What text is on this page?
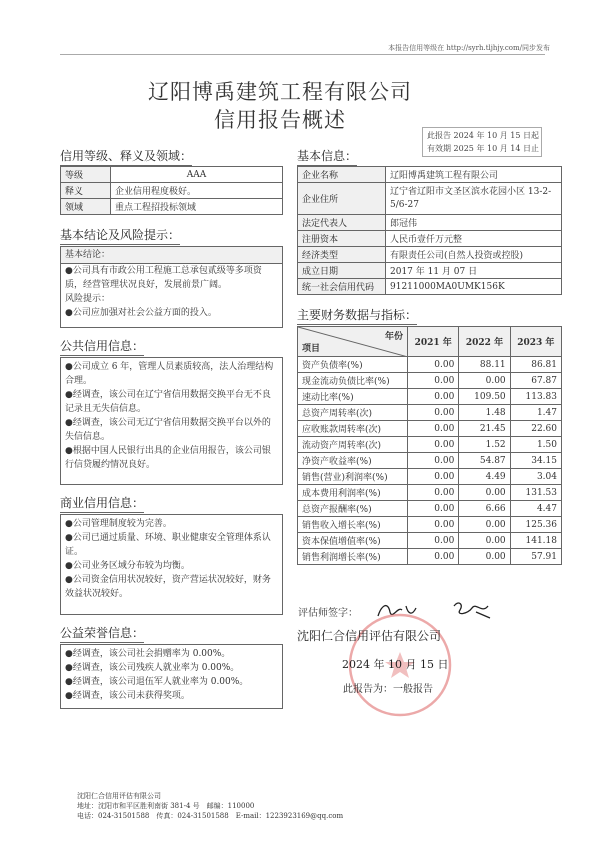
本报告信用等级在 http://syrh.tljhjy.com/同步发布
辽阳博禹建筑工程有限公司
信用报告概述
此报告 2024 年 10 月 15 日起
有效期 2025 年 10 月 14 日止
信用等级、释义及领域：
等级	AAA
释义	企业信用程度极好。
领域	重点工程招投标领域
基本信息：
企业名称	辽阳博禹建筑工程有限公司
企业住所	辽宁省辽阳市文圣区滨水花园小区 13-2-5/6-27
法定代表人	郎冠伟
注册资本	人民币壹仟万元整
经济类型	有限责任公司(自然人投资或控股)
成立日期	2017 年 11 月 07 日
统一社会信用代码	91211000MA0UMK156K
基本结论及风险提示：
基本结论：

●公司具有市政公用工程施工总承包贰级等多项资质，经营管理状况良好，发展前景广阔。

风险提示：

●公司应加强对社会公益方面的投入。

公共信用信息：

●公司成立 6 年，管理人员素质较高，法人治理结构合理。

●经调查，该公司在辽宁省信用数据交换平台无不良记录且无失信信息。

●经调查，该公司无辽宁省信用数据交换平台以外的失信信息。

●根据中国人民银行出具的企业信用报告，该公司银行信贷履约情况良好。

商业信用信息：

●公司管理制度较为完善。

●公司已通过质量、环境、职业健康安全管理体系认证。

●公司业务区域分布较为均衡。

●公司资金信用状况较好，资产营运状况较好，财务效益状况较好。

公益荣誉信息：

●经调查，该公司社会捐赠率为 0.00%。

●经调查，该公司残疾人就业率为 0.00%。

●经调查，该公司退伍军人就业率为 0.00%。

●经调查，该公司未获得奖项。

主要财务数据与指标：
年份
项目	2021 年	2022 年	2023 年
资产负债率(%)	0.00	88.11	86.81
现金流动负债比率(%)	0.00	0.00	67.87
速动比率(%)	0.00	109.50	113.83
总资产周转率(次)	0.00	1.48	1.47
应收账款周转率(次)	0.00	21.45	22.60
流动资产周转率(次)	0.00	1.52	1.50
净资产收益率(%)	0.00	54.87	34.15
销售(营业)利润率(%)	0.00	4.49	3.04
成本费用利润率(%)	0.00	0.00	131.53
总资产报酬率(%)	0.00	6.66	4.47
销售收入增长率(%)	0.00	0.00	125.36
资本保值增值率(%)	0.00	0.00	141.18
销售利润增长率(%)	0.00	0.00	57.91
评估师签字：
沈阳仁合信用评估有限公司
2024 年 10 月 15 日
此报告为：一般报告
沈阳仁合信用评估有限公司
地址：沈阳市和平区胜利南街 381-4 号　邮编：110000
电话：024-31501588　传真：024-31501588　E-mail：1223923169@qq.com
